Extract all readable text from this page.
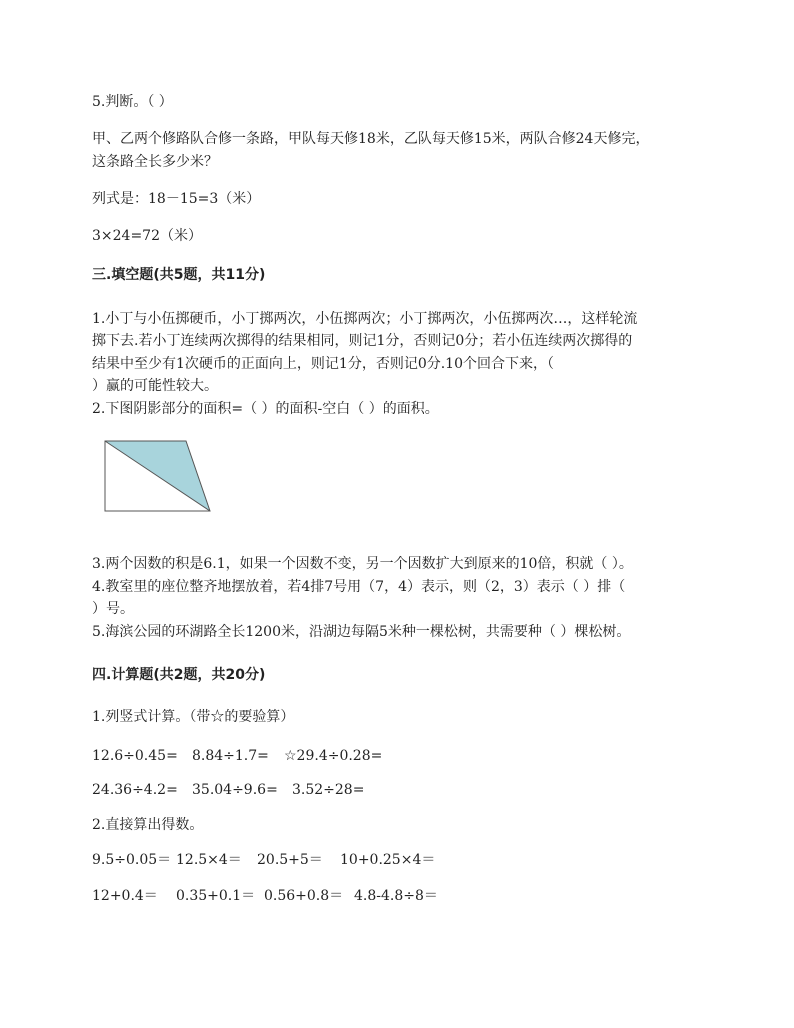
5.判断。（ ）
甲、乙两个修路队合修一条路，甲队每天修18米，乙队每天修15米，两队合修24天修完，
这条路全长多少米？
列式是：18－15=3（米）
3×24=72（米）
三.填空题(共5题，共11分)
1.小丁与小伍掷硬币，小丁掷两次，小伍掷两次；小丁掷两次，小伍掷两次…，这样轮流
掷下去.若小丁连续两次掷得的结果相同，则记1分，否则记0分；若小伍连续两次掷得的
结果中至少有1次硬币的正面向上，则记1分，否则记0分.10个回合下来，（
）赢的可能性较大。
2.下图阴影部分的面积=（ ）的面积-空白（ ）的面积。
3.两个因数的积是6.1，如果一个因数不变，另一个因数扩大到原来的10倍，积就（ ）。
4.教室里的座位整齐地摆放着，若4排7号用（7，4）表示，则（2，3）表示（ ）排（
）号。
5.海滨公园的环湖路全长1200米，沿湖边每隔5米种一棵松树，共需要种（ ）棵松树。
四.计算题(共2题，共20分)
1.列竖式计算。（带☆的要验算）
12.6÷0.45= 8.84÷1.7= ☆29.4÷0.28=
24.36÷4.2= 35.04÷9.6= 3.52÷28=
2.直接算出得数。
9.5÷0.05＝ 12.5×4＝ 20.5+5＝ 10+0.25×4＝
12+0.4＝ 0.35+0.1＝ 0.56+0.8＝ 4.8-4.8÷8＝
